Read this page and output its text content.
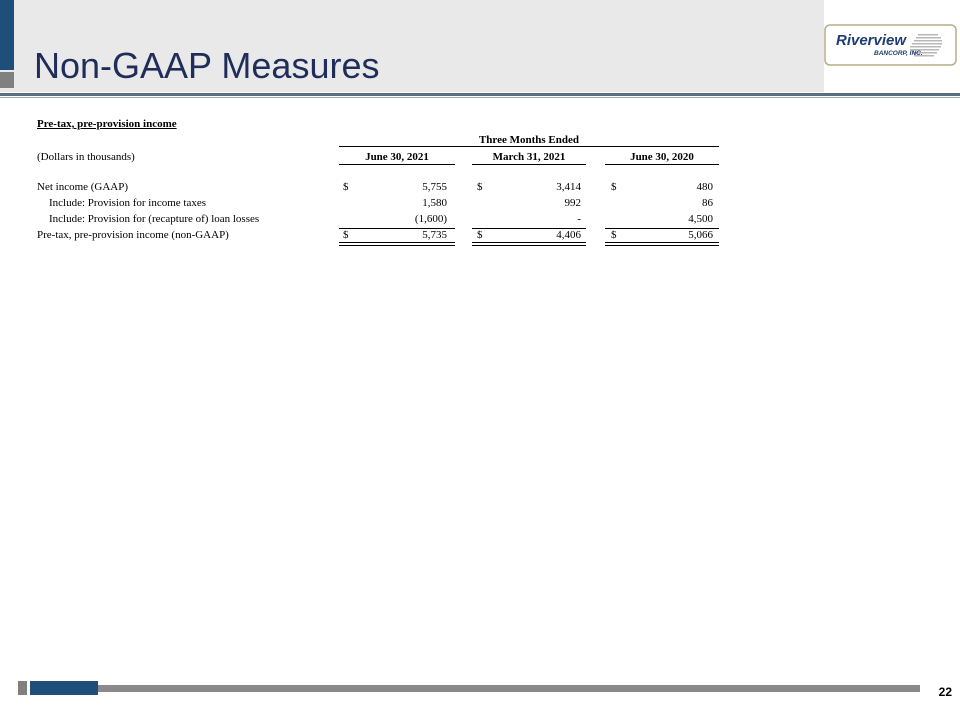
Non-GAAP Measures
Riverview
BANCORP, INC.
Pre-tax, pre-provision income
Three Months Ended
(Dollars in thousands)	June 30, 2021	March 31, 2021	June 30, 2020
Net income (GAAP)	$	5,755	$	3,414	$	480
Include: Provision for income taxes	1,580	992	86
Include: Provision for (recapture of) loan losses	(1,600)	-	4,500
Pre-tax, pre-provision income (non-GAAP)	$	5,735	$	4,406	$	5,066
22
